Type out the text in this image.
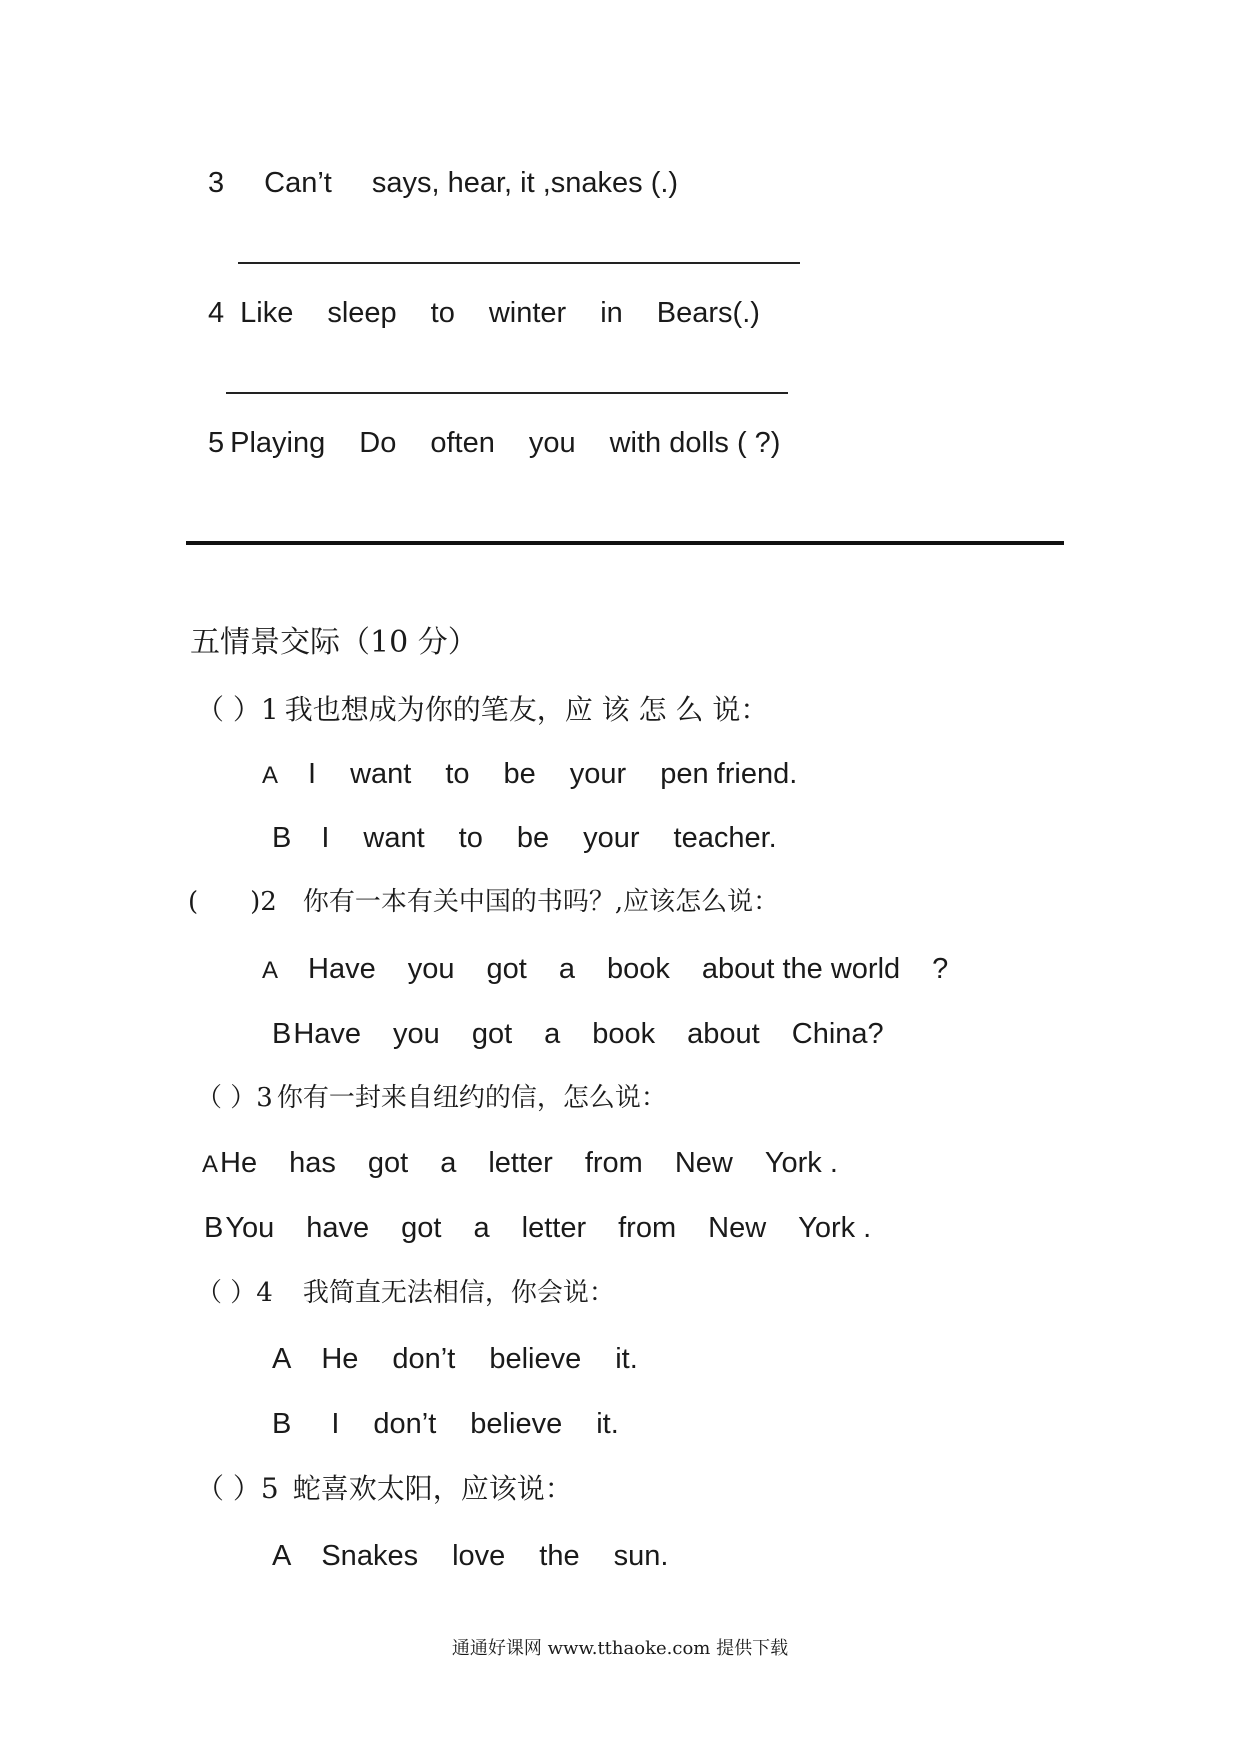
3 Can’t says, hear, it ,snakes (.)
4 Like sleep to winter in Bears(.)
5 Playing Do often you with dolls ( ?)
五情景交际（10 分）
（ ）1 我也想成为你的笔友，应 该 怎 么 说：
A I want to be your pen friend.
B I want to be your teacher.
(　　)2 你有一本有关中国的书吗？,应该怎么说：
A Have you got a book about the world ?
BHave you got a book about China?
（ ）3 你有一封来自纽约的信，怎么说：
AHe has got a letter from New York .
BYou have got a letter from New York .
（ ）4 我简直无法相信，你会说：
A He don’t believe it.
B I don’t believe it.
（ ）5 蛇喜欢太阳，应该说：
A Snakes love the sun.
通通好课网 www.tthaoke.com 提供下载
